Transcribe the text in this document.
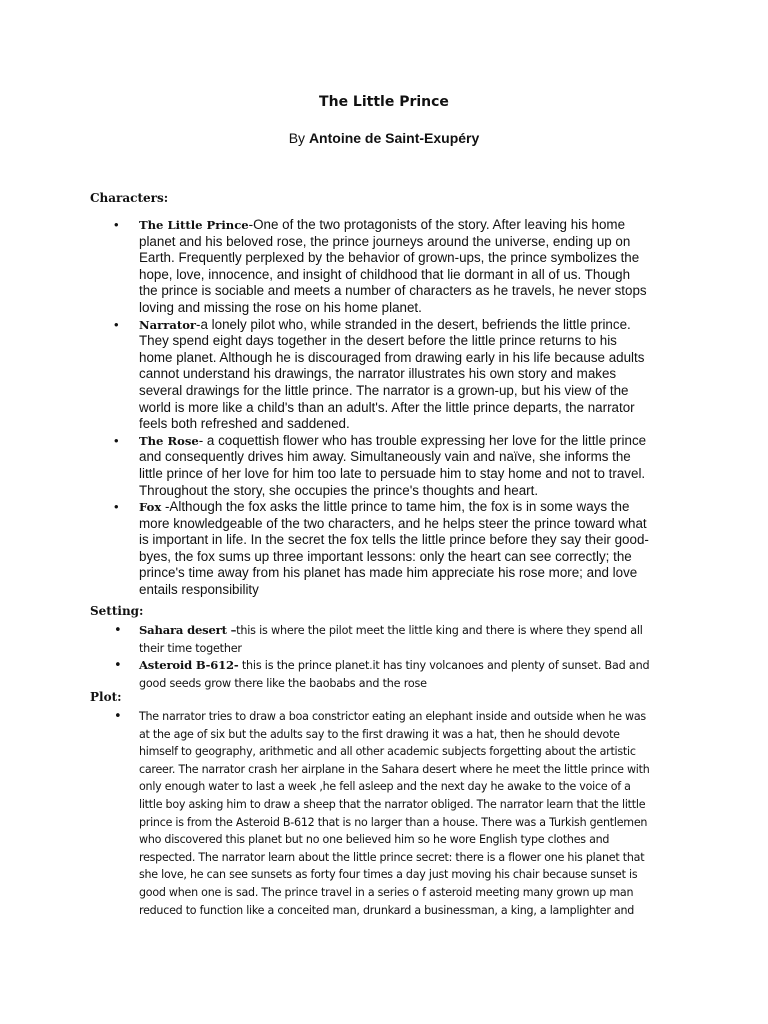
The Little Prince
By Antoine de Saint-Exupéry
Characters:
• The Little Prince-One of the two protagonists of the story. After leaving his home planet and his beloved rose, the prince journeys around the universe, ending up on Earth. Frequently perplexed by the behavior of grown-ups, the prince symbolizes the hope, love, innocence, and insight of childhood that lie dormant in all of us. Though the prince is sociable and meets a number of characters as he travels, he never stops loving and missing the rose on his home planet.
• Narrator-a lonely pilot who, while stranded in the desert, befriends the little prince. They spend eight days together in the desert before the little prince returns to his home planet. Although he is discouraged from drawing early in his life because adults cannot understand his drawings, the narrator illustrates his own story and makes several drawings for the little prince. The narrator is a grown-up, but his view of the world is more like a child's than an adult's. After the little prince departs, the narrator feels both refreshed and saddened.
• The Rose- a coquettish flower who has trouble expressing her love for the little prince and consequently drives him away. Simultaneously vain and naïve, she informs the little prince of her love for him too late to persuade him to stay home and not to travel. Throughout the story, she occupies the prince's thoughts and heart.
• Fox -Although the fox asks the little prince to tame him, the fox is in some ways the more knowledgeable of the two characters, and he helps steer the prince toward what is important in life. In the secret the fox tells the little prince before they say their good-byes, the fox sums up three important lessons: only the heart can see correctly; the prince's time away from his planet has made him appreciate his rose more; and love entails responsibility
Setting:
• Sahara desert –this is where the pilot meet the little king and there is where they spend all their time together
• Asteroid B-612- this is the prince planet.it has tiny volcanoes and plenty of sunset. Bad and good seeds grow there like the baobabs and the rose
Plot:
• The narrator tries to draw a boa constrictor eating an elephant inside and outside when he was at the age of six but the adults say to the first drawing it was a hat, then he should devote himself to geography, arithmetic and all other academic subjects forgetting about the artistic career. The narrator crash her airplane in the Sahara desert where he meet the little prince with only enough water to last a week ,he fell asleep and the next day he awake to the voice of a little boy asking him to draw a sheep that the narrator obliged. The narrator learn that the little prince is from the Asteroid B-612 that is no larger than a house. There was a Turkish gentlemen who discovered this planet but no one believed him so he wore English type clothes and respected. The narrator learn about the little prince secret: there is a flower one his planet that she love, he can see sunsets as forty four times a day just moving his chair because sunset is good when one is sad. The prince travel in a series o f asteroid meeting many grown up man reduced to function like a conceited man, drunkard a businessman, a king, a lamplighter and
